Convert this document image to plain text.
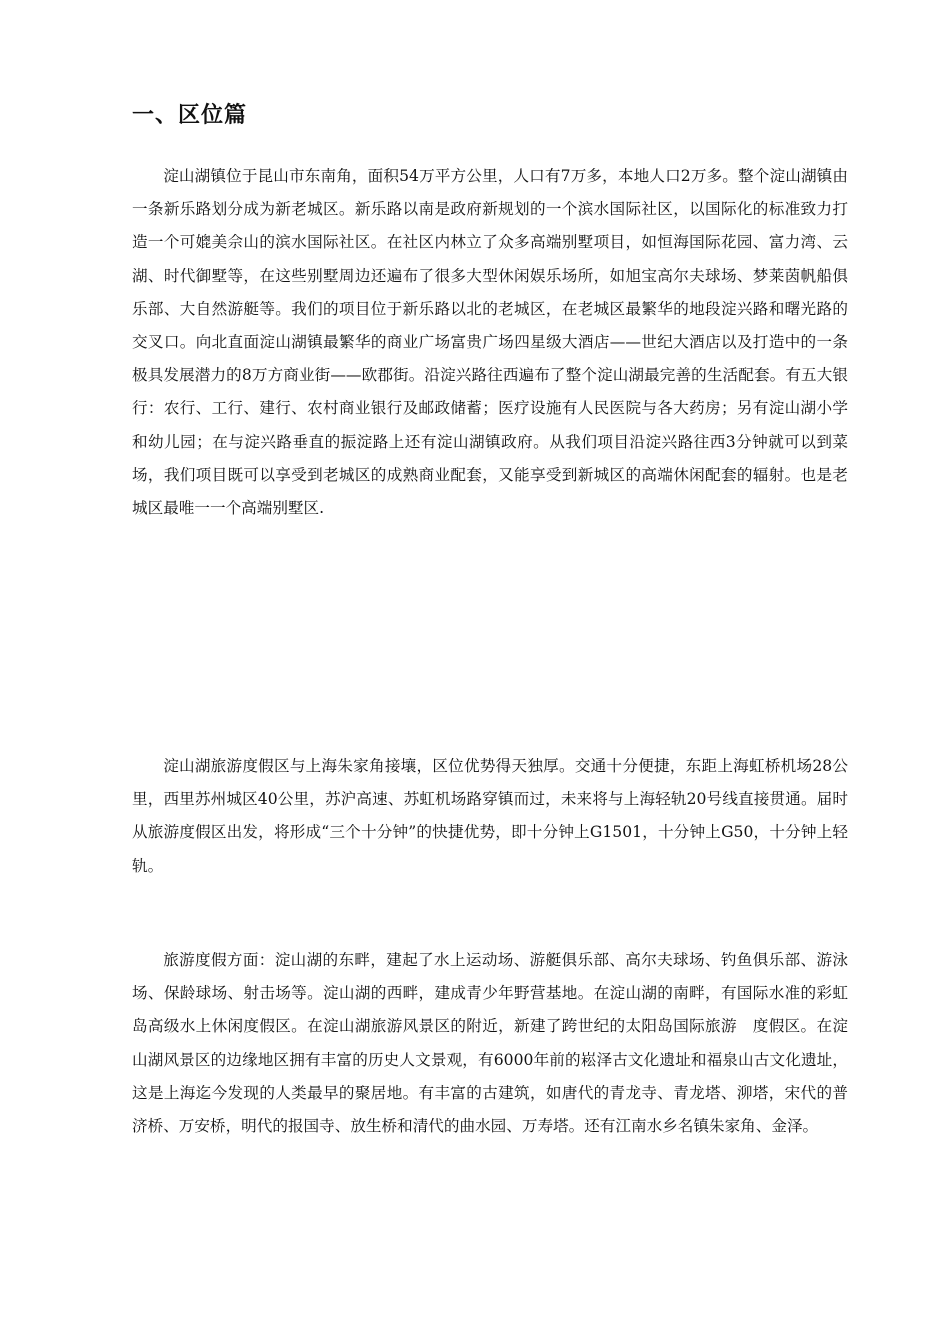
一、区位篇

淀山湖镇位于昆山市东南角，面积54万平方公里，人口有7万多，本地人口2万多。整个淀山湖镇由一条新乐路划分成为新老城区。新乐路以南是政府新规划的一个滨水国际社区，以国际化的标准致力打造一个可媲美佘山的滨水国际社区。在社区内林立了众多高端别墅项目，如恒海国际花园、富力湾、云湖、时代御墅等，在这些别墅周边还遍布了很多大型休闲娱乐场所，如旭宝高尔夫球场、梦莱茵帆船俱乐部、大自然游艇等。我们的项目位于新乐路以北的老城区，在老城区最繁华的地段淀兴路和曙光路的交叉口。向北直面淀山湖镇最繁华的商业广场富贵广场四星级大酒店——世纪大酒店以及打造中的一条极具发展潜力的8万方商业街——欧郡街。沿淀兴路往西遍布了整个淀山湖最完善的生活配套。有五大银行：农行、工行、建行、农村商业银行及邮政储蓄；医疗设施有人民医院与各大药房；另有淀山湖小学和幼儿园；在与淀兴路垂直的振淀路上还有淀山湖镇政府。从我们项目沿淀兴路往西3分钟就可以到菜场，我们项目既可以享受到老城区的成熟商业配套，又能享受到新城区的高端休闲配套的辐射。也是老城区最唯一一个高端别墅区.

淀山湖旅游度假区与上海朱家角接壤，区位优势得天独厚。交通十分便捷，东距上海虹桥机场28公里，西里苏州城区40公里，苏沪高速、苏虹机场路穿镇而过，未来将与上海轻轨20号线直接贯通。届时从旅游度假区出发，将形成“三个十分钟”的快捷优势，即十分钟上G1501，十分钟上G50，十分钟上轻轨。

旅游度假方面：淀山湖的东畔，建起了水上运动场、游艇俱乐部、高尔夫球场、钓鱼俱乐部、游泳场、保龄球场、射击场等。淀山湖的西畔，建成青少年野营基地。在淀山湖的南畔，有国际水准的彩虹岛高级水上休闲度假区。在淀山湖旅游风景区的附近，新建了跨世纪的太阳岛国际旅游　度假区。在淀山湖风景区的边缘地区拥有丰富的历史人文景观，有6000年前的崧泽古文化遗址和福泉山古文化遗址，这是上海迄今发现的人类最早的聚居地。有丰富的古建筑，如唐代的青龙寺、青龙塔、泖塔，宋代的普济桥、万安桥，明代的报国寺、放生桥和清代的曲水园、万寿塔。还有江南水乡名镇朱家角、金泽。
